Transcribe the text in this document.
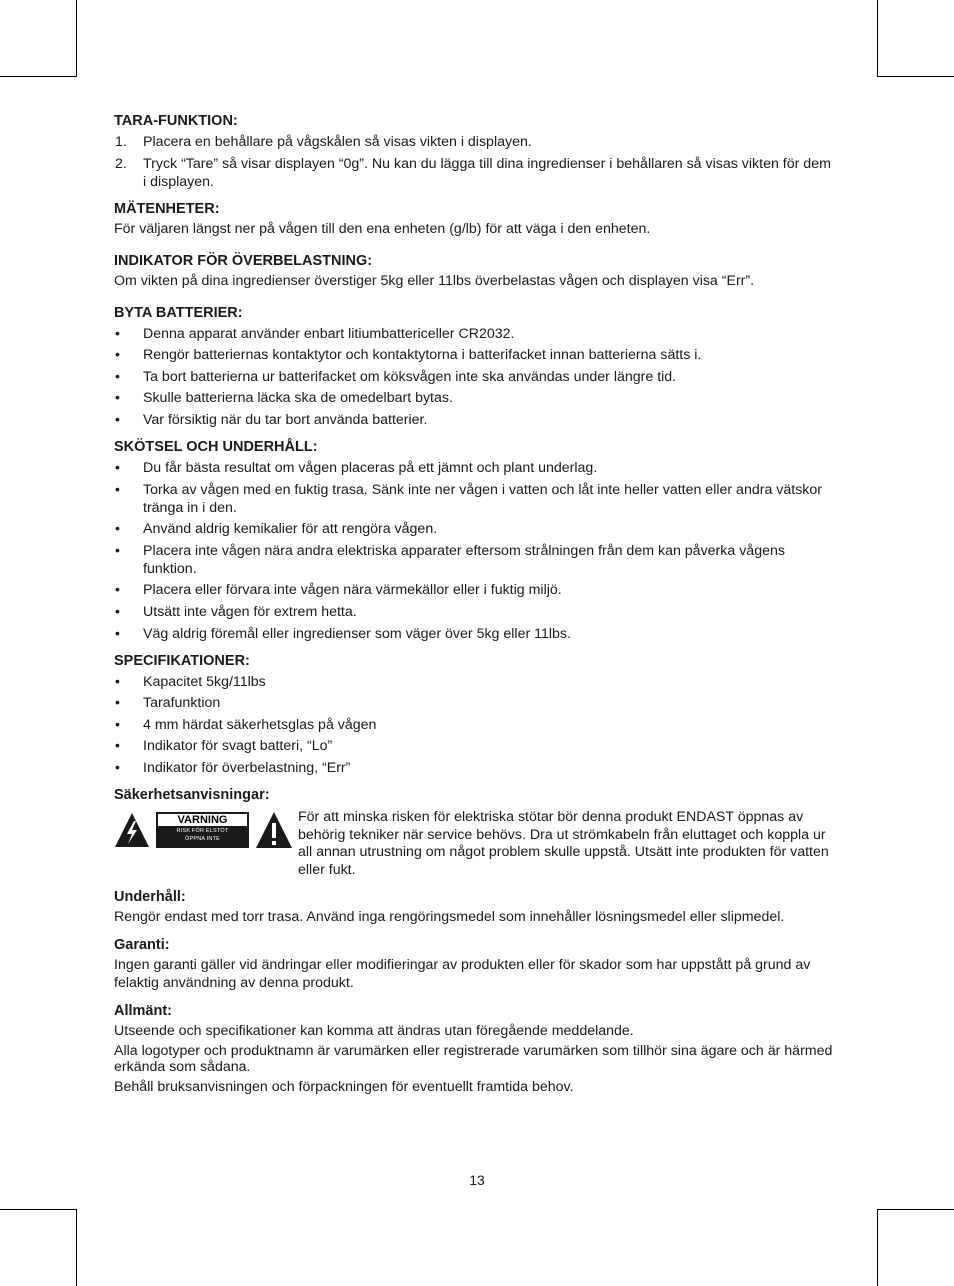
TARA-FUNKTION:
1. Placera en behållare på vågskålen så visas vikten i displayen.
2. Tryck “Tare” så visar displayen “0g”. Nu kan du lägga till dina ingredienser i behållaren så visas vikten för dem i displayen.
MÄTENHETER:

För väljaren längst ner på vågen till den ena enheten (g/lb) för att väga i den enheten.

INDIKATOR FÖR ÖVERBELASTNING:

Om vikten på dina ingredienser överstiger 5kg eller 11lbs överbelastas vågen och displayen visa “Err”.

BYTA BATTERIER:
• Denna apparat använder enbart litiumbattericeller CR2032.
• Rengör batteriernas kontaktytor och kontaktytorna i batterifacket innan batterierna sätts i.
• Ta bort batterierna ur batterifacket om köksvågen inte ska användas under längre tid.
• Skulle batterierna läcka ska de omedelbart bytas.
• Var försiktig när du tar bort använda batterier.
SKÖTSEL OCH UNDERHÅLL:
• Du får bästa resultat om vågen placeras på ett jämnt och plant underlag.
• Torka av vågen med en fuktig trasa. Sänk inte ner vågen i vatten och låt inte heller vatten eller andra vätskor tränga in i den.
• Använd aldrig kemikalier för att rengöra vågen.
• Placera inte vågen nära andra elektriska apparater eftersom strålningen från dem kan påverka vågens funktion.
• Placera eller förvara inte vågen nära värmekällor eller i fuktig miljö.
• Utsätt inte vågen för extrem hetta.
• Väg aldrig föremål eller ingredienser som väger över 5kg eller 11lbs.
SPECIFIKATIONER:
• Kapacitet 5kg/11lbs
• Tarafunktion
• 4 mm härdat säkerhetsglas på vågen
• Indikator för svagt batteri, “Lo”
• Indikator för överbelastning, “Err”
Säkerhetsanvisningar:
VARNING
RISK FÖR ELSTÖT
ÖPPNA INTE
För att minska risken för elektriska stötar bör denna produkt ENDAST öppnas av behörig tekniker när service behövs. Dra ut strömkabeln från eluttaget och koppla ur all annan utrustning om något problem skulle uppstå. Utsätt inte produkten för vatten eller fukt.
Underhåll:

Rengör endast med torr trasa. Använd inga rengöringsmedel som innehåller lösningsmedel eller slipmedel.

Garanti:

Ingen garanti gäller vid ändringar eller modifieringar av produkten eller för skador som har uppstått på grund av felaktig användning av denna produkt.

Allmänt:

Utseende och specifikationer kan komma att ändras utan föregående meddelande.

Alla logotyper och produktnamn är varumärken eller registrerade varumärken som tillhör sina ägare och är härmed erkända som sådana.

Behåll bruksanvisningen och förpackningen för eventuellt framtida behov.

13
